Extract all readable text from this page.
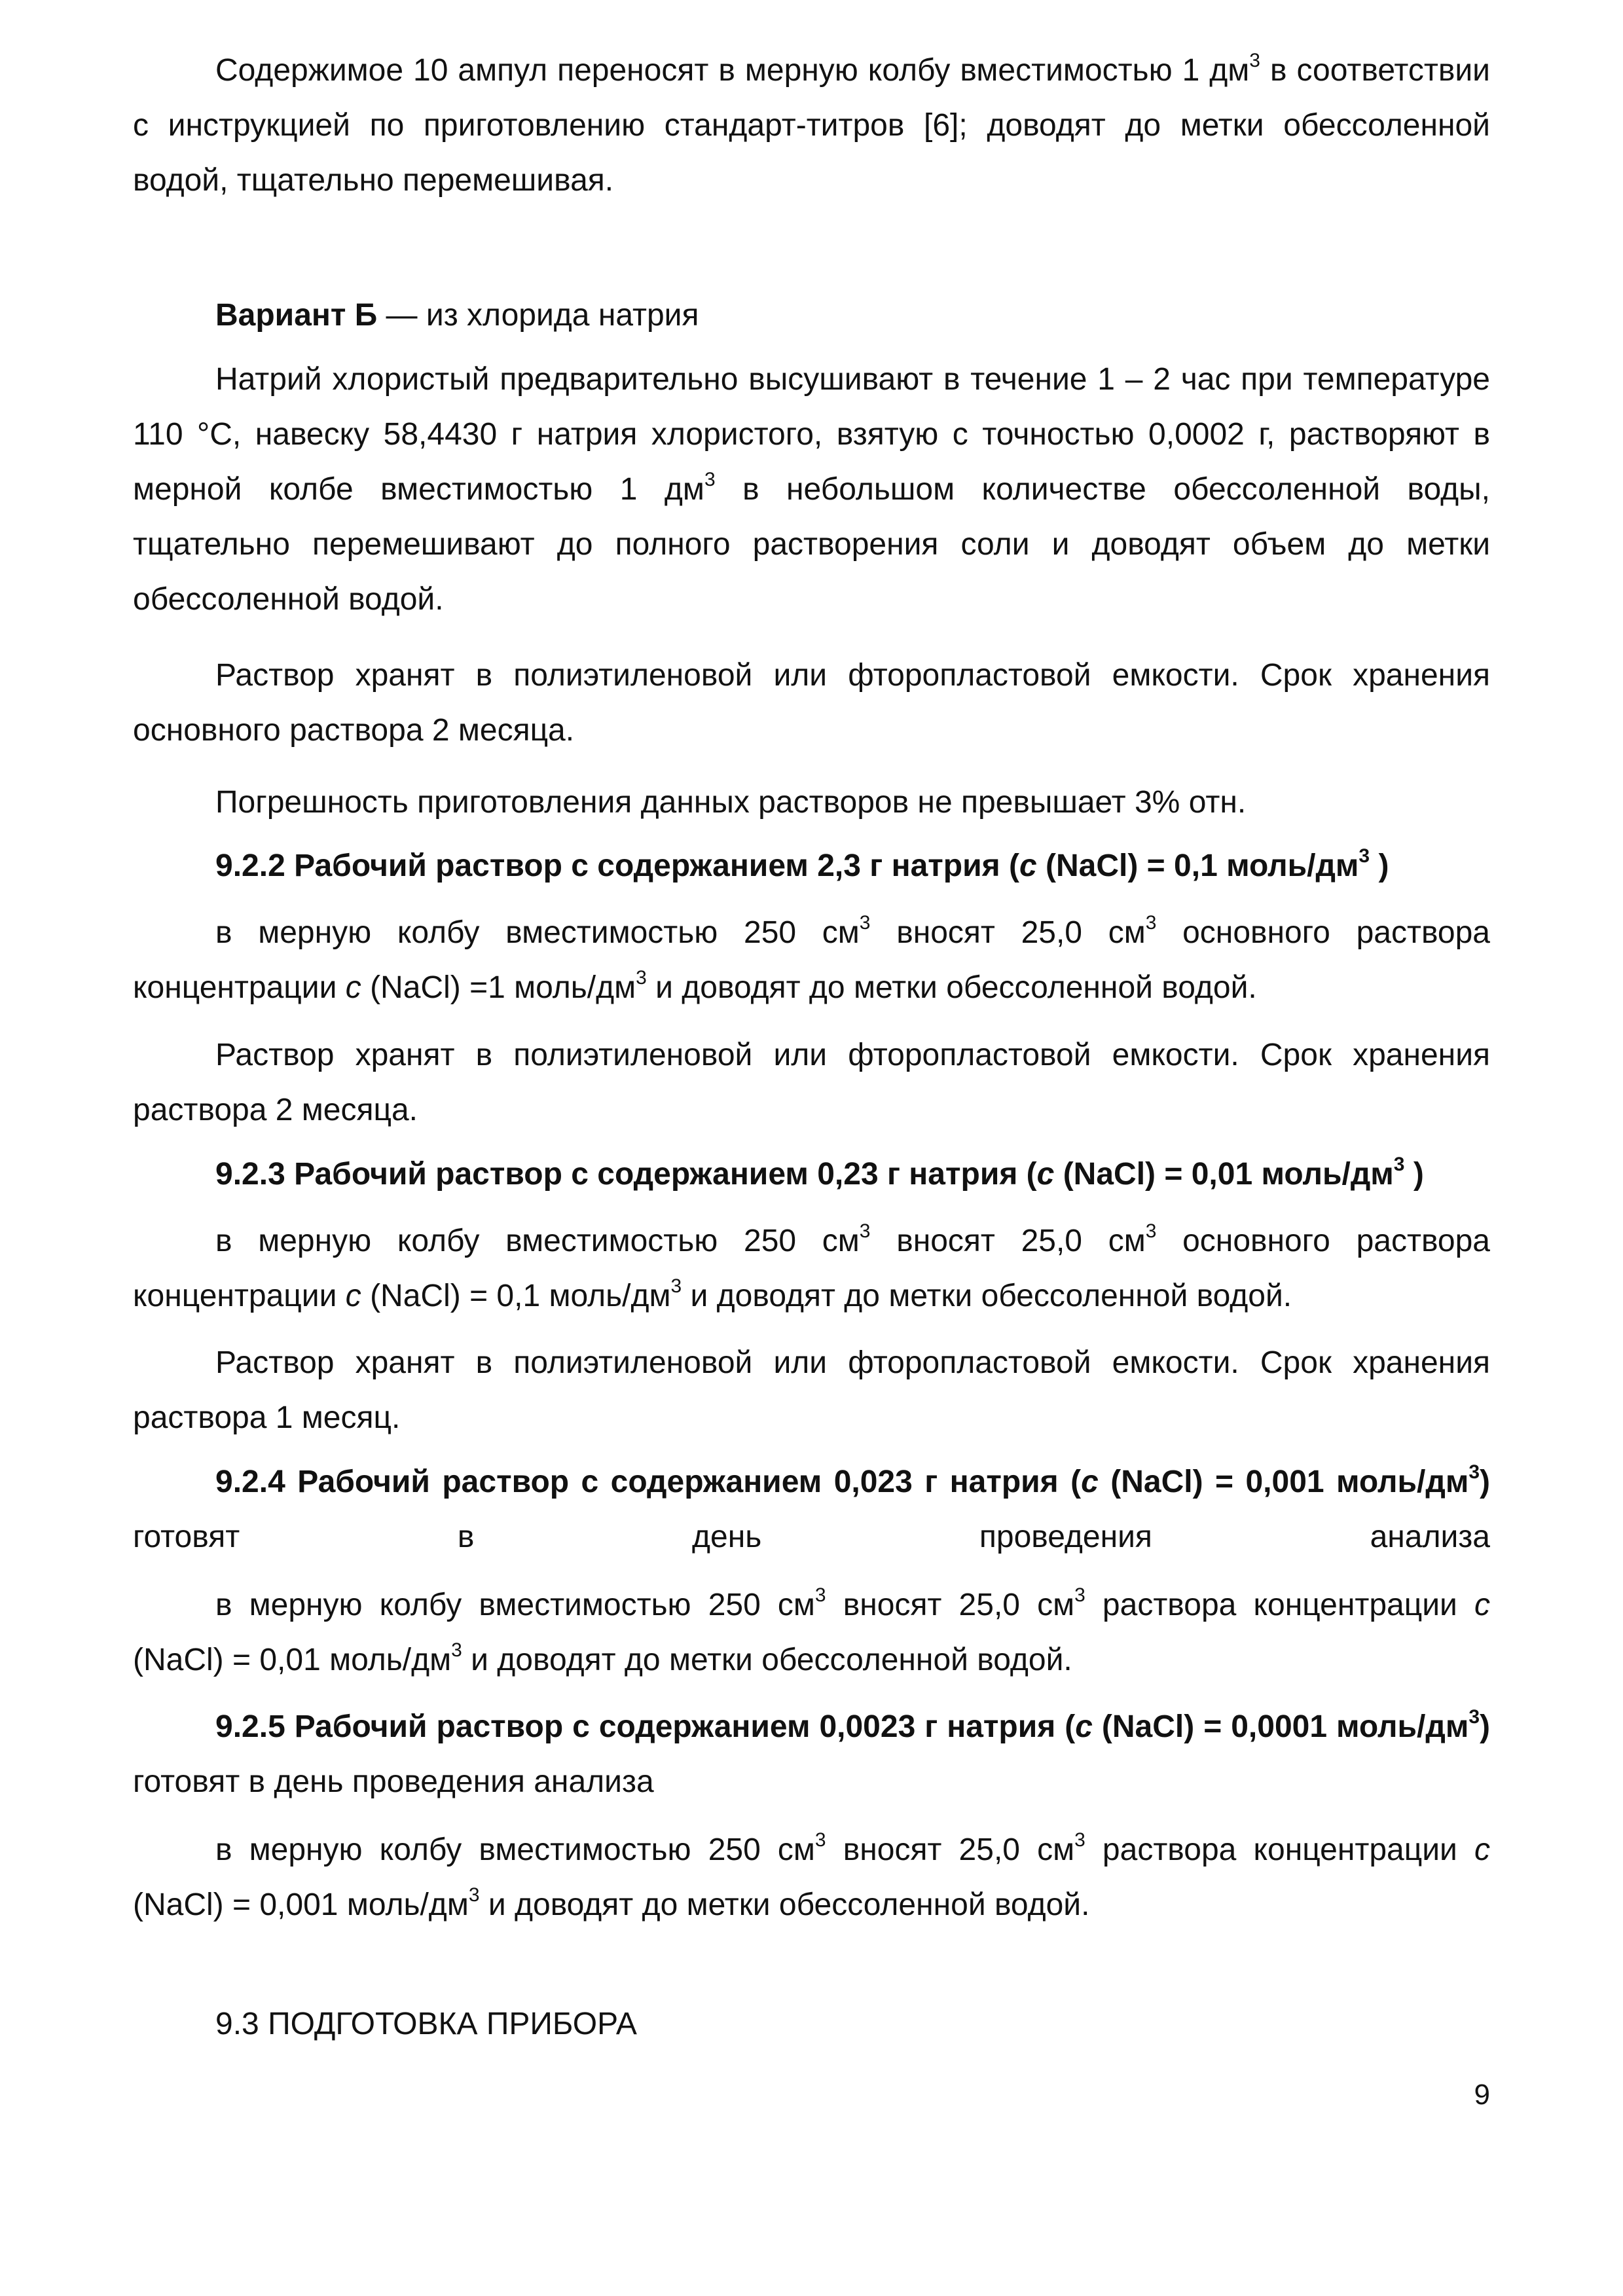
Содержимое 10 ампул переносят в мерную колбу вместимостью 1 $дм^3$ в соответствии с инструкцией по приготовлению стандарт-титров [6]; доводят до метки обессоленной водой, тщательно перемешивая.

Вариант Б — из хлорида натрия

Натрий хлористый предварительно высушивают в течение 1 – 2 час при температуре 110 °С, навеску 58,4430 г натрия хлористого, взятую с точностью 0,0002 г, растворяют в мерной колбе вместимостью 1 $дм^3$ в небольшом количестве обессоленной воды, тщательно перемешивают до полного растворения соли и доводят объем до метки обессоленной водой.

Раствор хранят в полиэтиленовой или фторопластовой емкости. Срок хранения основного раствора 2 месяца.

Погрешность приготовления данных растворов не превышает 3% отн.

9.2.2 Рабочий раствор с содержанием 2,3 г натрия (с (NaCl) = 0,1 моль/$дм^3$ )

в мерную колбу вместимостью 250 $см^3$ вносят 25,0 $см^3$ основного раствора концентрации с (NaCl) =1 моль/$дм^3$ и доводят до метки обессоленной водой.

Раствор хранят в полиэтиленовой или фторопластовой емкости. Срок хранения раствора 2 месяца.

9.2.3 Рабочий раствор с содержанием 0,23 г натрия (с (NaCl) = 0,01 моль/$дм^3$ )

в мерную колбу вместимостью 250 $см^3$ вносят 25,0 $см^3$ основного раствора концентрации с (NaCl) = 0,1 моль/$дм^3$ и доводят до метки обессоленной водой.

Раствор хранят в полиэтиленовой или фторопластовой емкости. Срок хранения раствора 1 месяц.

9.2.4 Рабочий раствор с содержанием 0,023 г натрия (с (NaCl) = 0,001 моль/$дм^3$) готовят в день проведения анализа

в мерную колбу вместимостью 250 $см^3$ вносят 25,0 $см^3$ раствора концентрации с (NaCl) = 0,01 моль/$дм^3$ и доводят до метки обессоленной водой.

9.2.5 Рабочий раствор с содержанием 0,0023 г натрия (с (NaCl) = 0,0001 моль/$дм^3$) готовят в день проведения анализа

в мерную колбу вместимостью 250 $см^3$ вносят 25,0 $см^3$ раствора концентрации с (NaCl) = 0,001 моль/$дм^3$ и доводят до метки обессоленной водой.

9.3 ПОДГОТОВКА ПРИБОРА

9
